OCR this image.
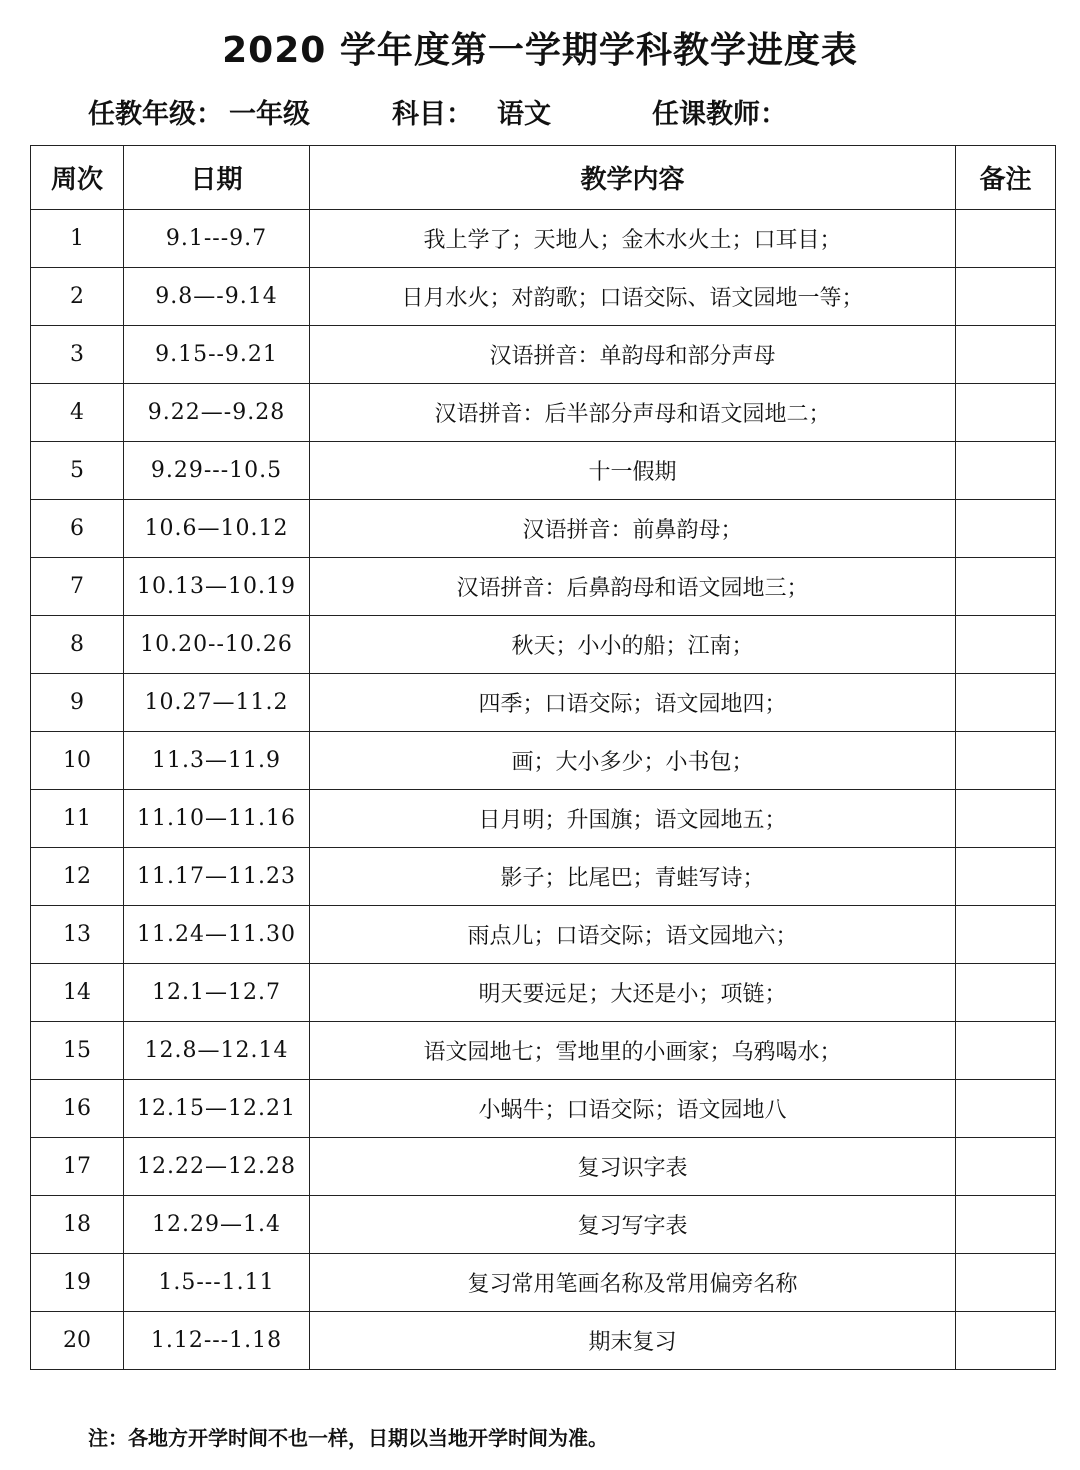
2020 学年度第一学期学科教学进度表
任教年级： 一年级	科目： 语文	任课教师：
周次	日期	教学内容	备注
1	9.1---9.7	我上学了；天地人；金木水火土；口耳目；	
2	9.8—-9.14	日月水火；对韵歌；口语交际、语文园地一等；	
3	9.15--9.21	汉语拼音：单韵母和部分声母	
4	9.22—-9.28	汉语拼音：后半部分声母和语文园地二；	
5	9.29---10.5	十一假期	
6	10.6—10.12	汉语拼音：前鼻韵母；	
7	10.13—10.19	汉语拼音：后鼻韵母和语文园地三；	
8	10.20--10.26	秋天；小小的船；江南；	
9	10.27—11.2	四季；口语交际；语文园地四；	
10	11.3—11.9	画；大小多少；小书包；	
11	11.10—11.16	日月明；升国旗；语文园地五；	
12	11.17—11.23	影子；比尾巴；青蛙写诗；	
13	11.24—11.30	雨点儿；口语交际；语文园地六；	
14	12.1—12.7	明天要远足；大还是小；项链；	
15	12.8—12.14	语文园地七；雪地里的小画家；乌鸦喝水；	
16	12.15—12.21	小蜗牛；口语交际；语文园地八	
17	12.22—12.28	复习识字表	
18	12.29—1.4	复习写字表	
19	1.5---1.11	复习常用笔画名称及常用偏旁名称	
20	1.12---1.18	期末复习	
注：各地方开学时间不也一样，日期以当地开学时间为准。
